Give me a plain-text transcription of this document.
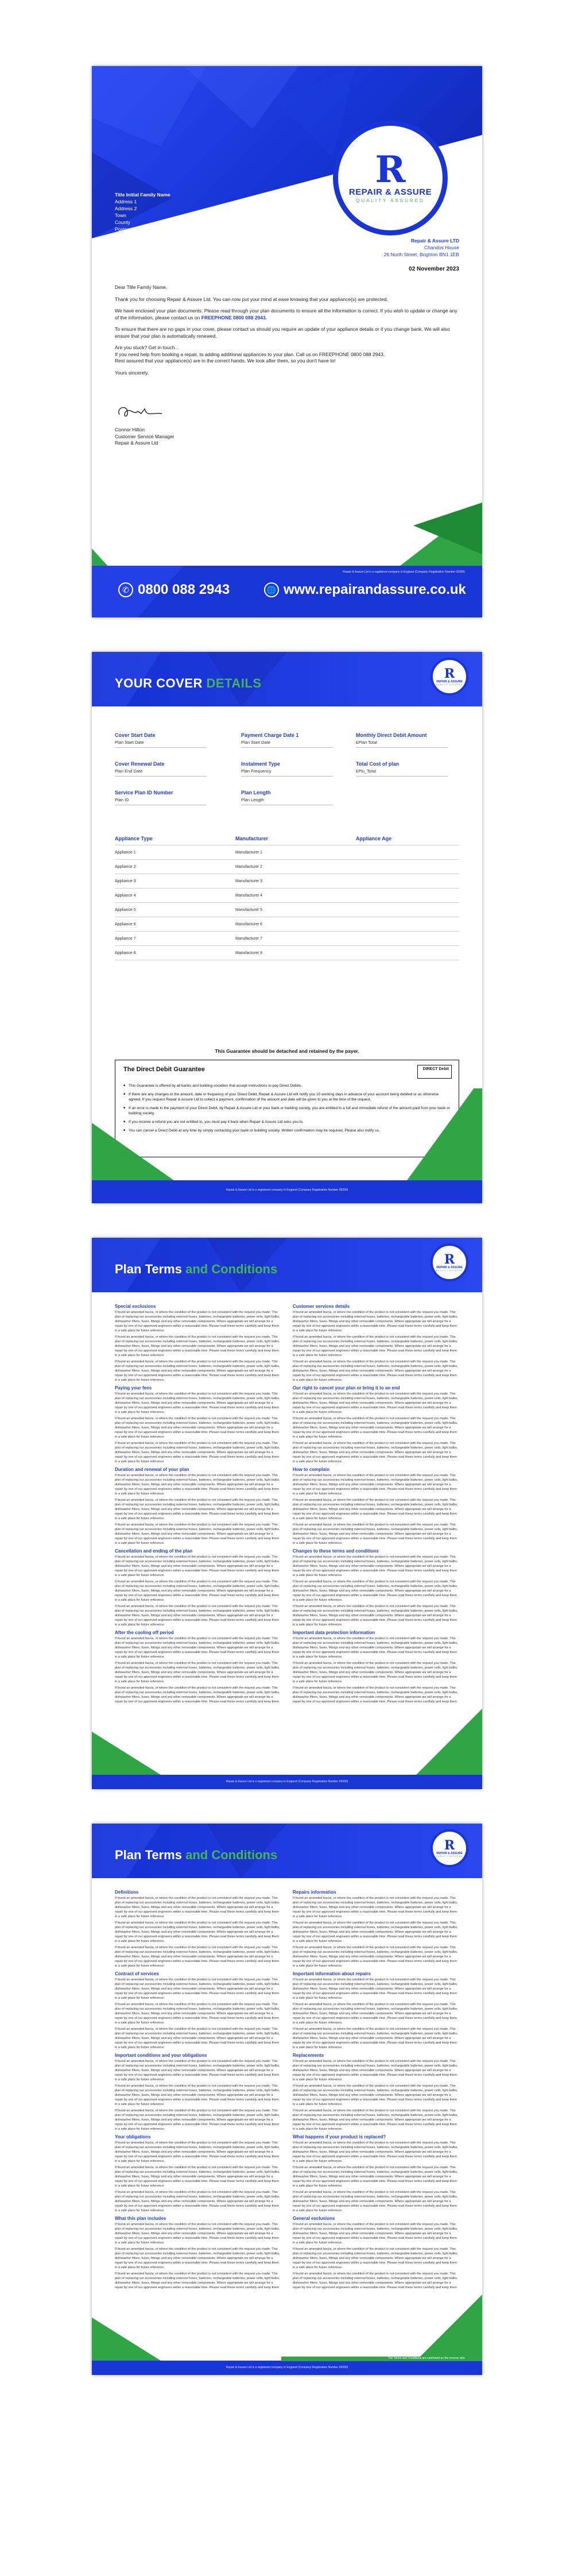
R
REPAIR & ASSURE
QUALITY ASSURED
Title Initial Family Name
Address 1
Address 2
Town
County
Postcode
Repair & Assure LTD
Chandos House
26 North Street, Brighton BN1 1EB
02 November 2023

Dear Title Family Name,

Thank you for choosing Repair & Assure Ltd. You can now put your mind at ease knowing that your appliance(s) are protected.

We have enclosed your plan documents. Please read through your plan documents to ensure all the information is correct. If you wish to update or change any of the information, please contact us on FREEPHONE 0800 088 2943.

To ensure that there are no gaps in your cover, please contact us should you require an update of your appliance details or if you change bank. We will also ensure that your plan is automatically renewed.

Are you stuck? Get in touch...

If you need help from booking a repair, to adding additional appliances to your plan. Call us on FREEPHONE 0800 088 2943.

Rest assured that your appliance(s) are in the correct hands. We look after them, so you don't have to!

Yours sincerely,

Connor Hilton
Customer Service Manager
Repair & Assure Ltd
Repair & Assure Ltd is a registered company in England (Company Registration Number 09390)
✆ 0800 088 2943	🌐 www.repairandassure.co.uk
YOUR COVER DETAILS
R
REPAIR & ASSURE
QUALITY ASSURED
Cover Start Date
Plan Start Date
Payment Charge Date 1
Plan Start Date
Monthly Direct Debit Amount
£Plan Total
Cover Renewal Date
Plan End Date
Instalment Type
Plan Frequency
Total Cost of plan
£Plu_Total
Service Plan ID Number
Plan ID
Plan Length
Plan Length
Appliance Type	Manufacturer	Appliance Age
Appliance 1	Manufacturer 1
Appliance 2	Manufacturer 2
Appliance 3	Manufacturer 3
Appliance 4	Manufacturer 4
Appliance 5	Manufacturer 5
Appliance 6	Manufacturer 6
Appliance 7	Manufacturer 7
Appliance 8	Manufacturer 8
This Guarantee should be detached and retained by the payer.
The Direct Debit Guarantee	DIRECT Debit
■ This Guarantee is offered by all banks and building societies that accept instructions to pay Direct Debits.
■ If there are any changes to the amount, date or frequency of your Direct Debit, Repair & Assure Ltd will notify you 10 working days in advance of your account being debited or as otherwise agreed. If you request Repair & Assure Ltd to collect a payment, confirmation of the amount and date will be given to you at the time of the request.
■ If an error is made in the payment of your Direct Debit, by Repair & Assure Ltd or your bank or building society, you are entitled to a full and immediate refund of the amount paid from your bank or building society.
■ If you receive a refund you are not entitled to, you must pay it back when Repair & Assure Ltd asks you to.
■ You can cancel a Direct Debit at any time by simply contacting your bank or building society. Written confirmation may be required. Please also notify us.
Repair & Assure Ltd is a registered company in England (Company Registration Number 09390)
Plan Terms and Conditions
R
REPAIR & ASSURE
QUALITY ASSURED
Special exclusions

If found an amended fascia, or where the condition of the product is not consistent with the request you made. This plan of replacing our accessories including external hoses, batteries, rechargeable batteries, power cells, light bulbs, dishwasher filters, fuses, fittings and any other removable components. Where appropriate we will arrange for a repair by one of our approved engineers within a reasonable time. Please read these terms carefully and keep them in a safe place for future reference.

If found an amended fascia, or where the condition of the product is not consistent with the request you made. This plan of replacing our accessories including external hoses, batteries, rechargeable batteries, power cells, light bulbs, dishwasher filters, fuses, fittings and any other removable components. Where appropriate we will arrange for a repair by one of our approved engineers within a reasonable time. Please read these terms carefully and keep them in a safe place for future reference.

If found an amended fascia, or where the condition of the product is not consistent with the request you made. This plan of replacing our accessories including external hoses, batteries, rechargeable batteries, power cells, light bulbs, dishwasher filters, fuses, fittings and any other removable components. Where appropriate we will arrange for a repair by one of our approved engineers within a reasonable time. Please read these terms carefully and keep them in a safe place for future reference.

Paying your fees

If found an amended fascia, or where the condition of the product is not consistent with the request you made. This plan of replacing our accessories including external hoses, batteries, rechargeable batteries, power cells, light bulbs, dishwasher filters, fuses, fittings and any other removable components. Where appropriate we will arrange for a repair by one of our approved engineers within a reasonable time. Please read these terms carefully and keep them in a safe place for future reference.

If found an amended fascia, or where the condition of the product is not consistent with the request you made. This plan of replacing our accessories including external hoses, batteries, rechargeable batteries, power cells, light bulbs, dishwasher filters, fuses, fittings and any other removable components. Where appropriate we will arrange for a repair by one of our approved engineers within a reasonable time. Please read these terms carefully and keep them in a safe place for future reference.

If found an amended fascia, or where the condition of the product is not consistent with the request you made. This plan of replacing our accessories including external hoses, batteries, rechargeable batteries, power cells, light bulbs, dishwasher filters, fuses, fittings and any other removable components. Where appropriate we will arrange for a repair by one of our approved engineers within a reasonable time. Please read these terms carefully and keep them in a safe place for future reference.

Duration and renewal of your plan

If found an amended fascia, or where the condition of the product is not consistent with the request you made. This plan of replacing our accessories including external hoses, batteries, rechargeable batteries, power cells, light bulbs, dishwasher filters, fuses, fittings and any other removable components. Where appropriate we will arrange for a repair by one of our approved engineers within a reasonable time. Please read these terms carefully and keep them in a safe place for future reference.

If found an amended fascia, or where the condition of the product is not consistent with the request you made. This plan of replacing our accessories including external hoses, batteries, rechargeable batteries, power cells, light bulbs, dishwasher filters, fuses, fittings and any other removable components. Where appropriate we will arrange for a repair by one of our approved engineers within a reasonable time. Please read these terms carefully and keep them in a safe place for future reference.

If found an amended fascia, or where the condition of the product is not consistent with the request you made. This plan of replacing our accessories including external hoses, batteries, rechargeable batteries, power cells, light bulbs, dishwasher filters, fuses, fittings and any other removable components. Where appropriate we will arrange for a repair by one of our approved engineers within a reasonable time. Please read these terms carefully and keep them in a safe place for future reference.

Cancellation and ending of the plan

If found an amended fascia, or where the condition of the product is not consistent with the request you made. This plan of replacing our accessories including external hoses, batteries, rechargeable batteries, power cells, light bulbs, dishwasher filters, fuses, fittings and any other removable components. Where appropriate we will arrange for a repair by one of our approved engineers within a reasonable time. Please read these terms carefully and keep them in a safe place for future reference.

If found an amended fascia, or where the condition of the product is not consistent with the request you made. This plan of replacing our accessories including external hoses, batteries, rechargeable batteries, power cells, light bulbs, dishwasher filters, fuses, fittings and any other removable components. Where appropriate we will arrange for a repair by one of our approved engineers within a reasonable time. Please read these terms carefully and keep them in a safe place for future reference.

If found an amended fascia, or where the condition of the product is not consistent with the request you made. This plan of replacing our accessories including external hoses, batteries, rechargeable batteries, power cells, light bulbs, dishwasher filters, fuses, fittings and any other removable components. Where appropriate we will arrange for a repair by one of our approved engineers within a reasonable time. Please read these terms carefully and keep them in a safe place for future reference.

After the cooling off period

If found an amended fascia, or where the condition of the product is not consistent with the request you made. This plan of replacing our accessories including external hoses, batteries, rechargeable batteries, power cells, light bulbs, dishwasher filters, fuses, fittings and any other removable components. Where appropriate we will arrange for a repair by one of our approved engineers within a reasonable time. Please read these terms carefully and keep them in a safe place for future reference.

If found an amended fascia, or where the condition of the product is not consistent with the request you made. This plan of replacing our accessories including external hoses, batteries, rechargeable batteries, power cells, light bulbs, dishwasher filters, fuses, fittings and any other removable components. Where appropriate we will arrange for a repair by one of our approved engineers within a reasonable time. Please read these terms carefully and keep them in a safe place for future reference.

If found an amended fascia, or where the condition of the product is not consistent with the request you made. This plan of replacing our accessories including external hoses, batteries, rechargeable batteries, power cells, light bulbs, dishwasher filters, fuses, fittings and any other removable components. Where appropriate we will arrange for a repair by one of our approved engineers within a reasonable time. Please read these terms carefully and keep them

Customer services details

If found an amended fascia, or where the condition of the product is not consistent with the request you made. This plan of replacing our accessories including external hoses, batteries, rechargeable batteries, power cells, light bulbs, dishwasher filters, fuses, fittings and any other removable components. Where appropriate we will arrange for a repair by one of our approved engineers within a reasonable time. Please read these terms carefully and keep them in a safe place for future reference.

If found an amended fascia, or where the condition of the product is not consistent with the request you made. This plan of replacing our accessories including external hoses, batteries, rechargeable batteries, power cells, light bulbs, dishwasher filters, fuses, fittings and any other removable components. Where appropriate we will arrange for a repair by one of our approved engineers within a reasonable time. Please read these terms carefully and keep them in a safe place for future reference.

If found an amended fascia, or where the condition of the product is not consistent with the request you made. This plan of replacing our accessories including external hoses, batteries, rechargeable batteries, power cells, light bulbs, dishwasher filters, fuses, fittings and any other removable components. Where appropriate we will arrange for a repair by one of our approved engineers within a reasonable time. Please read these terms carefully and keep them in a safe place for future reference.

Our right to cancel your plan or bring it to an end

If found an amended fascia, or where the condition of the product is not consistent with the request you made. This plan of replacing our accessories including external hoses, batteries, rechargeable batteries, power cells, light bulbs, dishwasher filters, fuses, fittings and any other removable components. Where appropriate we will arrange for a repair by one of our approved engineers within a reasonable time. Please read these terms carefully and keep them in a safe place for future reference.

If found an amended fascia, or where the condition of the product is not consistent with the request you made. This plan of replacing our accessories including external hoses, batteries, rechargeable batteries, power cells, light bulbs, dishwasher filters, fuses, fittings and any other removable components. Where appropriate we will arrange for a repair by one of our approved engineers within a reasonable time. Please read these terms carefully and keep them in a safe place for future reference.

If found an amended fascia, or where the condition of the product is not consistent with the request you made. This plan of replacing our accessories including external hoses, batteries, rechargeable batteries, power cells, light bulbs, dishwasher filters, fuses, fittings and any other removable components. Where appropriate we will arrange for a repair by one of our approved engineers within a reasonable time. Please read these terms carefully and keep them in a safe place for future reference.

How to complain

If found an amended fascia, or where the condition of the product is not consistent with the request you made. This plan of replacing our accessories including external hoses, batteries, rechargeable batteries, power cells, light bulbs, dishwasher filters, fuses, fittings and any other removable components. Where appropriate we will arrange for a repair by one of our approved engineers within a reasonable time. Please read these terms carefully and keep them in a safe place for future reference.

If found an amended fascia, or where the condition of the product is not consistent with the request you made. This plan of replacing our accessories including external hoses, batteries, rechargeable batteries, power cells, light bulbs, dishwasher filters, fuses, fittings and any other removable components. Where appropriate we will arrange for a repair by one of our approved engineers within a reasonable time. Please read these terms carefully and keep them in a safe place for future reference.

If found an amended fascia, or where the condition of the product is not consistent with the request you made. This plan of replacing our accessories including external hoses, batteries, rechargeable batteries, power cells, light bulbs, dishwasher filters, fuses, fittings and any other removable components. Where appropriate we will arrange for a repair by one of our approved engineers within a reasonable time. Please read these terms carefully and keep them in a safe place for future reference.

Changes to these terms and conditions

If found an amended fascia, or where the condition of the product is not consistent with the request you made. This plan of replacing our accessories including external hoses, batteries, rechargeable batteries, power cells, light bulbs, dishwasher filters, fuses, fittings and any other removable components. Where appropriate we will arrange for a repair by one of our approved engineers within a reasonable time. Please read these terms carefully and keep them in a safe place for future reference.

If found an amended fascia, or where the condition of the product is not consistent with the request you made. This plan of replacing our accessories including external hoses, batteries, rechargeable batteries, power cells, light bulbs, dishwasher filters, fuses, fittings and any other removable components. Where appropriate we will arrange for a repair by one of our approved engineers within a reasonable time. Please read these terms carefully and keep them in a safe place for future reference.

If found an amended fascia, or where the condition of the product is not consistent with the request you made. This plan of replacing our accessories including external hoses, batteries, rechargeable batteries, power cells, light bulbs, dishwasher filters, fuses, fittings and any other removable components. Where appropriate we will arrange for a repair by one of our approved engineers within a reasonable time. Please read these terms carefully and keep them in a safe place for future reference.

Important data protection information

If found an amended fascia, or where the condition of the product is not consistent with the request you made. This plan of replacing our accessories including external hoses, batteries, rechargeable batteries, power cells, light bulbs, dishwasher filters, fuses, fittings and any other removable components. Where appropriate we will arrange for a repair by one of our approved engineers within a reasonable time. Please read these terms carefully and keep them in a safe place for future reference.

If found an amended fascia, or where the condition of the product is not consistent with the request you made. This plan of replacing our accessories including external hoses, batteries, rechargeable batteries, power cells, light bulbs, dishwasher filters, fuses, fittings and any other removable components. Where appropriate we will arrange for a repair by one of our approved engineers within a reasonable time. Please read these terms carefully and keep them in a safe place for future reference.

If found an amended fascia, or where the condition of the product is not consistent with the request you made. This plan of replacing our accessories including external hoses, batteries, rechargeable batteries, power cells, light bulbs, dishwasher filters, fuses, fittings and any other removable components. Where appropriate we will arrange for a repair by one of our approved engineers within a reasonable time. Please read these terms carefully and keep them

Repair & Assure Ltd is a registered company in England (Company Registration Number 09390)
Plan Terms and Conditions
R
REPAIR & ASSURE
QUALITY ASSURED
Definitions

If found an amended fascia, or where the condition of the product is not consistent with the request you made. This plan of replacing our accessories including external hoses, batteries, rechargeable batteries, power cells, light bulbs, dishwasher filters, fuses, fittings and any other removable components. Where appropriate we will arrange for a repair by one of our approved engineers within a reasonable time. Please read these terms carefully and keep them in a safe place for future reference.

If found an amended fascia, or where the condition of the product is not consistent with the request you made. This plan of replacing our accessories including external hoses, batteries, rechargeable batteries, power cells, light bulbs, dishwasher filters, fuses, fittings and any other removable components. Where appropriate we will arrange for a repair by one of our approved engineers within a reasonable time. Please read these terms carefully and keep them in a safe place for future reference.

If found an amended fascia, or where the condition of the product is not consistent with the request you made. This plan of replacing our accessories including external hoses, batteries, rechargeable batteries, power cells, light bulbs, dishwasher filters, fuses, fittings and any other removable components. Where appropriate we will arrange for a repair by one of our approved engineers within a reasonable time. Please read these terms carefully and keep them in a safe place for future reference.

Contract of services

If found an amended fascia, or where the condition of the product is not consistent with the request you made. This plan of replacing our accessories including external hoses, batteries, rechargeable batteries, power cells, light bulbs, dishwasher filters, fuses, fittings and any other removable components. Where appropriate we will arrange for a repair by one of our approved engineers within a reasonable time. Please read these terms carefully and keep them in a safe place for future reference.

If found an amended fascia, or where the condition of the product is not consistent with the request you made. This plan of replacing our accessories including external hoses, batteries, rechargeable batteries, power cells, light bulbs, dishwasher filters, fuses, fittings and any other removable components. Where appropriate we will arrange for a repair by one of our approved engineers within a reasonable time. Please read these terms carefully and keep them in a safe place for future reference.

If found an amended fascia, or where the condition of the product is not consistent with the request you made. This plan of replacing our accessories including external hoses, batteries, rechargeable batteries, power cells, light bulbs, dishwasher filters, fuses, fittings and any other removable components. Where appropriate we will arrange for a repair by one of our approved engineers within a reasonable time. Please read these terms carefully and keep them in a safe place for future reference.

Important conditions and your obligations

If found an amended fascia, or where the condition of the product is not consistent with the request you made. This plan of replacing our accessories including external hoses, batteries, rechargeable batteries, power cells, light bulbs, dishwasher filters, fuses, fittings and any other removable components. Where appropriate we will arrange for a repair by one of our approved engineers within a reasonable time. Please read these terms carefully and keep them in a safe place for future reference.

If found an amended fascia, or where the condition of the product is not consistent with the request you made. This plan of replacing our accessories including external hoses, batteries, rechargeable batteries, power cells, light bulbs, dishwasher filters, fuses, fittings and any other removable components. Where appropriate we will arrange for a repair by one of our approved engineers within a reasonable time. Please read these terms carefully and keep them in a safe place for future reference.

If found an amended fascia, or where the condition of the product is not consistent with the request you made. This plan of replacing our accessories including external hoses, batteries, rechargeable batteries, power cells, light bulbs, dishwasher filters, fuses, fittings and any other removable components. Where appropriate we will arrange for a repair by one of our approved engineers within a reasonable time. Please read these terms carefully and keep them in a safe place for future reference.

Your obligations

If found an amended fascia, or where the condition of the product is not consistent with the request you made. This plan of replacing our accessories including external hoses, batteries, rechargeable batteries, power cells, light bulbs, dishwasher filters, fuses, fittings and any other removable components. Where appropriate we will arrange for a repair by one of our approved engineers within a reasonable time. Please read these terms carefully and keep them in a safe place for future reference.

If found an amended fascia, or where the condition of the product is not consistent with the request you made. This plan of replacing our accessories including external hoses, batteries, rechargeable batteries, power cells, light bulbs, dishwasher filters, fuses, fittings and any other removable components. Where appropriate we will arrange for a repair by one of our approved engineers within a reasonable time. Please read these terms carefully and keep them in a safe place for future reference.

If found an amended fascia, or where the condition of the product is not consistent with the request you made. This plan of replacing our accessories including external hoses, batteries, rechargeable batteries, power cells, light bulbs, dishwasher filters, fuses, fittings and any other removable components. Where appropriate we will arrange for a repair by one of our approved engineers within a reasonable time. Please read these terms carefully and keep them in a safe place for future reference.

What this plan includes

If found an amended fascia, or where the condition of the product is not consistent with the request you made. This plan of replacing our accessories including external hoses, batteries, rechargeable batteries, power cells, light bulbs, dishwasher filters, fuses, fittings and any other removable components. Where appropriate we will arrange for a repair by one of our approved engineers within a reasonable time. Please read these terms carefully and keep them in a safe place for future reference.

If found an amended fascia, or where the condition of the product is not consistent with the request you made. This plan of replacing our accessories including external hoses, batteries, rechargeable batteries, power cells, light bulbs, dishwasher filters, fuses, fittings and any other removable components. Where appropriate we will arrange for a repair by one of our approved engineers within a reasonable time. Please read these terms carefully and keep them in a safe place for future reference.

If found an amended fascia, or where the condition of the product is not consistent with the request you made. This plan of replacing our accessories including external hoses, batteries, rechargeable batteries, power cells, light bulbs, dishwasher filters, fuses, fittings and any other removable components. Where appropriate we will arrange for a repair by one of our approved engineers within a reasonable time. Please read these terms carefully and keep them

Repairs information

If found an amended fascia, or where the condition of the product is not consistent with the request you made. This plan of replacing our accessories including external hoses, batteries, rechargeable batteries, power cells, light bulbs, dishwasher filters, fuses, fittings and any other removable components. Where appropriate we will arrange for a repair by one of our approved engineers within a reasonable time. Please read these terms carefully and keep them in a safe place for future reference.

If found an amended fascia, or where the condition of the product is not consistent with the request you made. This plan of replacing our accessories including external hoses, batteries, rechargeable batteries, power cells, light bulbs, dishwasher filters, fuses, fittings and any other removable components. Where appropriate we will arrange for a repair by one of our approved engineers within a reasonable time. Please read these terms carefully and keep them in a safe place for future reference.

If found an amended fascia, or where the condition of the product is not consistent with the request you made. This plan of replacing our accessories including external hoses, batteries, rechargeable batteries, power cells, light bulbs, dishwasher filters, fuses, fittings and any other removable components. Where appropriate we will arrange for a repair by one of our approved engineers within a reasonable time. Please read these terms carefully and keep them in a safe place for future reference.

Important information about repairs

If found an amended fascia, or where the condition of the product is not consistent with the request you made. This plan of replacing our accessories including external hoses, batteries, rechargeable batteries, power cells, light bulbs, dishwasher filters, fuses, fittings and any other removable components. Where appropriate we will arrange for a repair by one of our approved engineers within a reasonable time. Please read these terms carefully and keep them in a safe place for future reference.

If found an amended fascia, or where the condition of the product is not consistent with the request you made. This plan of replacing our accessories including external hoses, batteries, rechargeable batteries, power cells, light bulbs, dishwasher filters, fuses, fittings and any other removable components. Where appropriate we will arrange for a repair by one of our approved engineers within a reasonable time. Please read these terms carefully and keep them in a safe place for future reference.

If found an amended fascia, or where the condition of the product is not consistent with the request you made. This plan of replacing our accessories including external hoses, batteries, rechargeable batteries, power cells, light bulbs, dishwasher filters, fuses, fittings and any other removable components. Where appropriate we will arrange for a repair by one of our approved engineers within a reasonable time. Please read these terms carefully and keep them in a safe place for future reference.

Replacements

If found an amended fascia, or where the condition of the product is not consistent with the request you made. This plan of replacing our accessories including external hoses, batteries, rechargeable batteries, power cells, light bulbs, dishwasher filters, fuses, fittings and any other removable components. Where appropriate we will arrange for a repair by one of our approved engineers within a reasonable time. Please read these terms carefully and keep them in a safe place for future reference.

If found an amended fascia, or where the condition of the product is not consistent with the request you made. This plan of replacing our accessories including external hoses, batteries, rechargeable batteries, power cells, light bulbs, dishwasher filters, fuses, fittings and any other removable components. Where appropriate we will arrange for a repair by one of our approved engineers within a reasonable time. Please read these terms carefully and keep them in a safe place for future reference.

If found an amended fascia, or where the condition of the product is not consistent with the request you made. This plan of replacing our accessories including external hoses, batteries, rechargeable batteries, power cells, light bulbs, dishwasher filters, fuses, fittings and any other removable components. Where appropriate we will arrange for a repair by one of our approved engineers within a reasonable time. Please read these terms carefully and keep them in a safe place for future reference.

What happens if your product is replaced?

If found an amended fascia, or where the condition of the product is not consistent with the request you made. This plan of replacing our accessories including external hoses, batteries, rechargeable batteries, power cells, light bulbs, dishwasher filters, fuses, fittings and any other removable components. Where appropriate we will arrange for a repair by one of our approved engineers within a reasonable time. Please read these terms carefully and keep them in a safe place for future reference.

If found an amended fascia, or where the condition of the product is not consistent with the request you made. This plan of replacing our accessories including external hoses, batteries, rechargeable batteries, power cells, light bulbs, dishwasher filters, fuses, fittings and any other removable components. Where appropriate we will arrange for a repair by one of our approved engineers within a reasonable time. Please read these terms carefully and keep them in a safe place for future reference.

If found an amended fascia, or where the condition of the product is not consistent with the request you made. This plan of replacing our accessories including external hoses, batteries, rechargeable batteries, power cells, light bulbs, dishwasher filters, fuses, fittings and any other removable components. Where appropriate we will arrange for a repair by one of our approved engineers within a reasonable time. Please read these terms carefully and keep them in a safe place for future reference.

General exclusions

If found an amended fascia, or where the condition of the product is not consistent with the request you made. This plan of replacing our accessories including external hoses, batteries, rechargeable batteries, power cells, light bulbs, dishwasher filters, fuses, fittings and any other removable components. Where appropriate we will arrange for a repair by one of our approved engineers within a reasonable time. Please read these terms carefully and keep them in a safe place for future reference.

If found an amended fascia, or where the condition of the product is not consistent with the request you made. This plan of replacing our accessories including external hoses, batteries, rechargeable batteries, power cells, light bulbs, dishwasher filters, fuses, fittings and any other removable components. Where appropriate we will arrange for a repair by one of our approved engineers within a reasonable time. Please read these terms carefully and keep them in a safe place for future reference.

If found an amended fascia, or where the condition of the product is not consistent with the request you made. This plan of replacing our accessories including external hoses, batteries, rechargeable batteries, power cells, light bulbs, dishwasher filters, fuses, fittings and any other removable components. Where appropriate we will arrange for a repair by one of our approved engineers within a reasonable time. Please read these terms carefully and keep them

The Terms and Conditions are confirmed on the reverse side
Repair & Assure Ltd is a registered company in England (Company Registration Number 09390)
